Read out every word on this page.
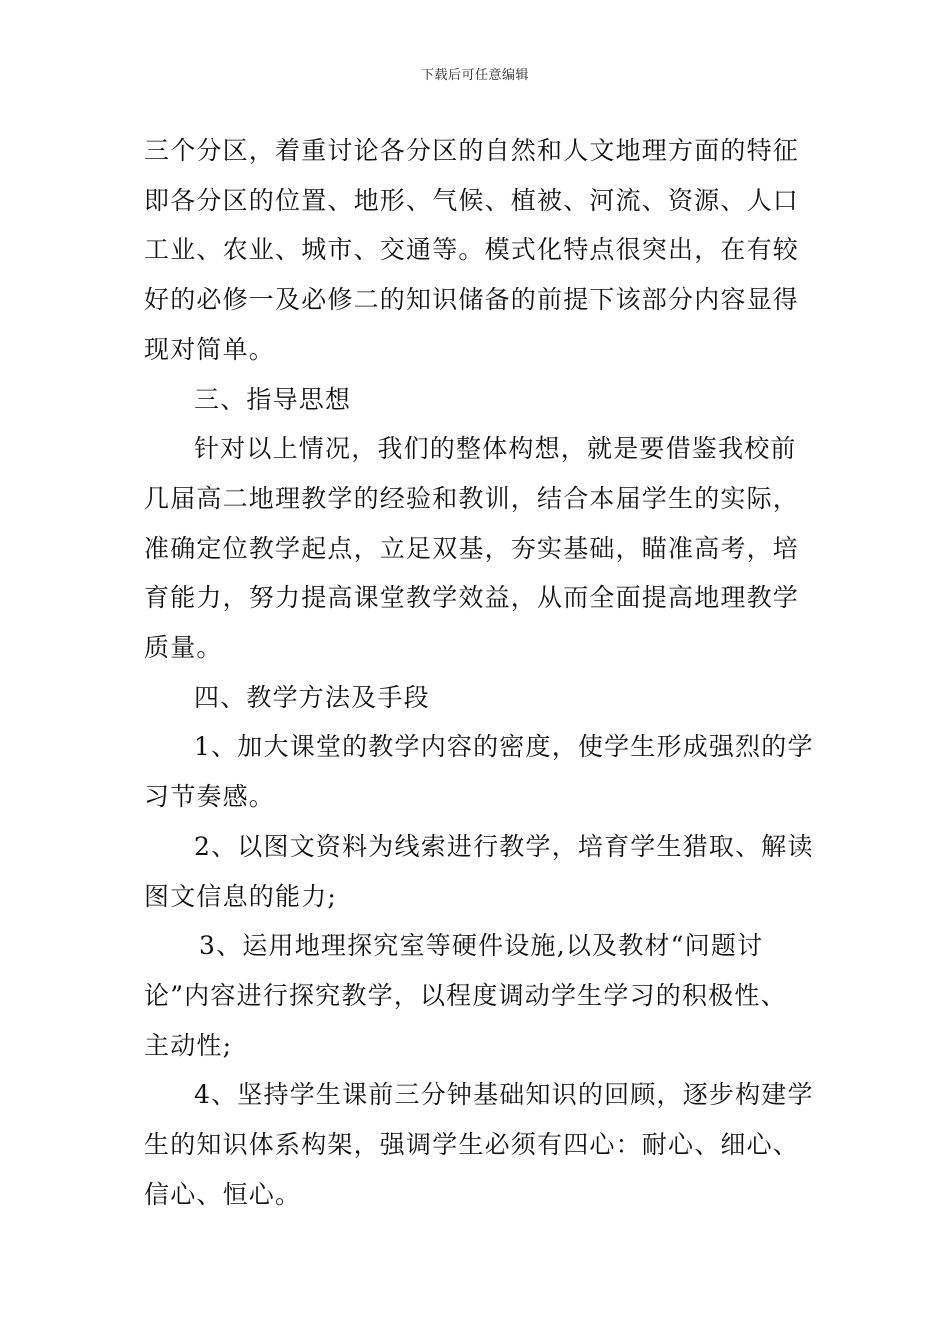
下载后可任意编辑

三个分区，着重讨论各分区的自然和人文地理方面的特征

即各分区的位置、地形、气候、植被、河流、资源、人口

工业、农业、城市、交通等。模式化特点很突出，在有较

好的必修一及必修二的知识储备的前提下该部分内容显得

现对简单。

三、指导思想

针对以上情况，我们的整体构想，就是要借鉴我校前

几届高二地理教学的经验和教训，结合本届学生的实际，

准确定位教学起点，立足双基，夯实基础，瞄准高考，培

育能力，努力提高课堂教学效益，从而全面提高地理教学

质量。

四、教学方法及手段

1、加大课堂的教学内容的密度，使学生形成强烈的学

习节奏感。

2、以图文资料为线索进行教学，培育学生猎取、解读

图文信息的能力;

3、运用地理探究室等硬件设施,以及教材“问题讨

论”内容进行探究教学，以程度调动学生学习的积极性、

主动性;

4、坚持学生课前三分钟基础知识的回顾，逐步构建学

生的知识体系构架，强调学生必须有四心：耐心、细心、

信心、恒心。
